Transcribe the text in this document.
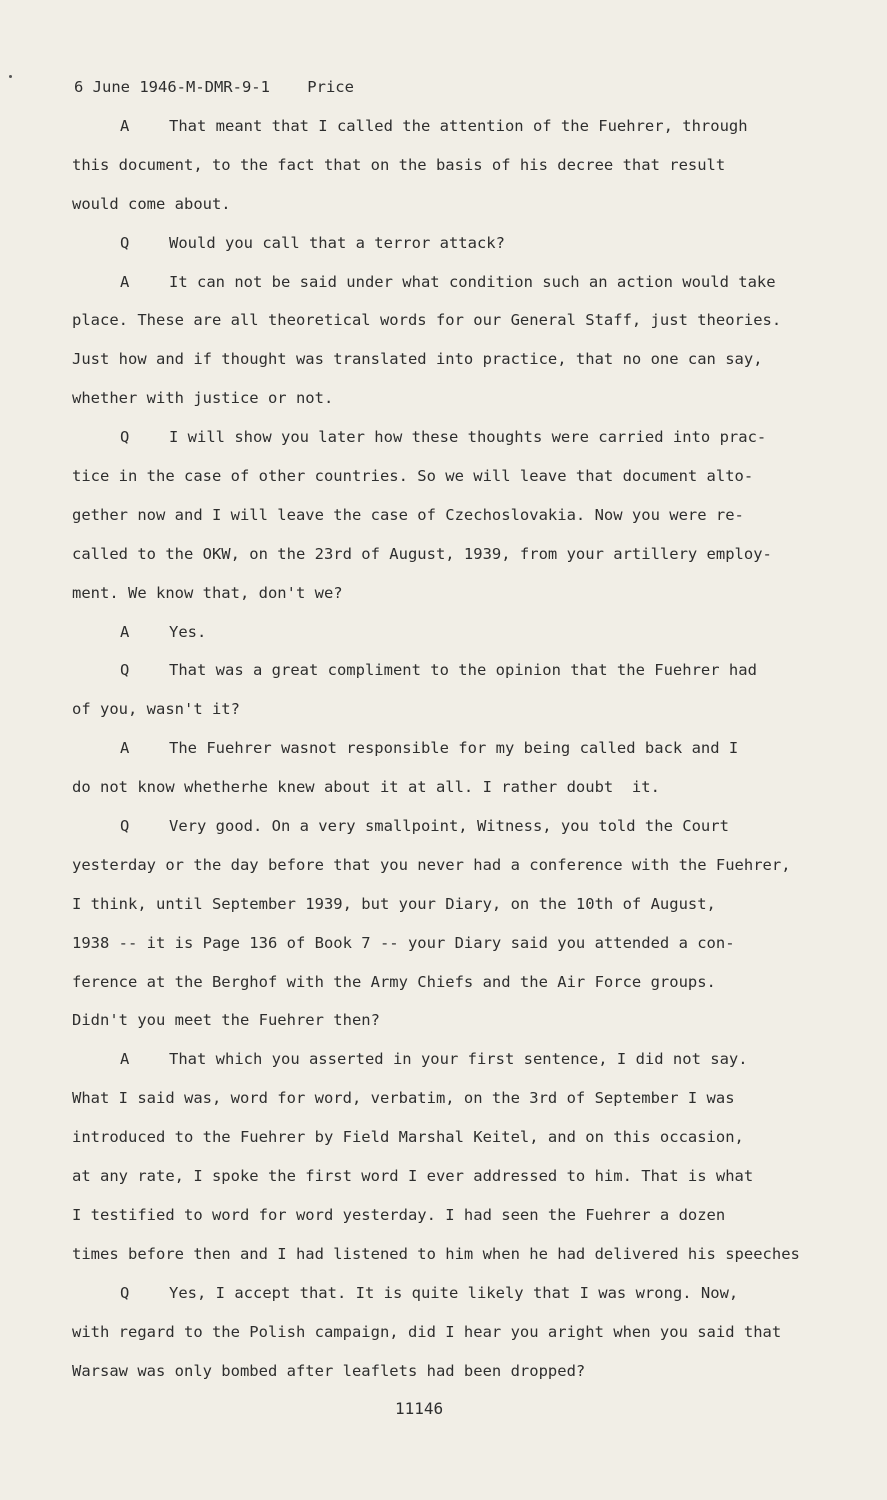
6 June 1946-M-DMR-9-1    Price
A	That meant that I called the attention of the Fuehrer, through
this document, to the fact that on the basis of his decree that result
would come about.
Q	Would you call that a terror attack?
A	It can not be said under what condition such an action would take
place. These are all theoretical words for our General Staff, just theories.
Just how and if thought was translated into practice, that no one can say,
whether with justice or not.
Q	I will show you later how these thoughts were carried into prac-
tice in the case of other countries. So we will leave that document alto-
gether now and I will leave the case of Czechoslovakia. Now you were re-
called to the OKW, on the 23rd of August, 1939, from your artillery employ-
ment. We know that, don't we?
A	Yes.
Q	That was a great compliment to the opinion that the Fuehrer had
of you, wasn't it?
A	The Fuehrer wasnot responsible for my being called back and I
do not know whetherhe knew about it at all. I rather doubt  it.
Q	Very good. On a very smallpoint, Witness, you told the Court
yesterday or the day before that you never had a conference with the Fuehrer,
I think, until September 1939, but your Diary, on the 10th of August,
1938 -- it is Page 136 of Book 7 -- your Diary said you attended a con-
ference at the Berghof with the Army Chiefs and the Air Force groups.
Didn't you meet the Fuehrer then?
A	That which you asserted in your first sentence, I did not say.
What I said was, word for word, verbatim, on the 3rd of September I was
introduced to the Fuehrer by Field Marshal Keitel, and on this occasion,
at any rate, I spoke the first word I ever addressed to him. That is what
I testified to word for word yesterday. I had seen the Fuehrer a dozen
times before then and I had listened to him when he had delivered his speeches
Q	Yes, I accept that. It is quite likely that I was wrong. Now,
with regard to the Polish campaign, did I hear you aright when you said that
Warsaw was only bombed after leaflets had been dropped?
11146
